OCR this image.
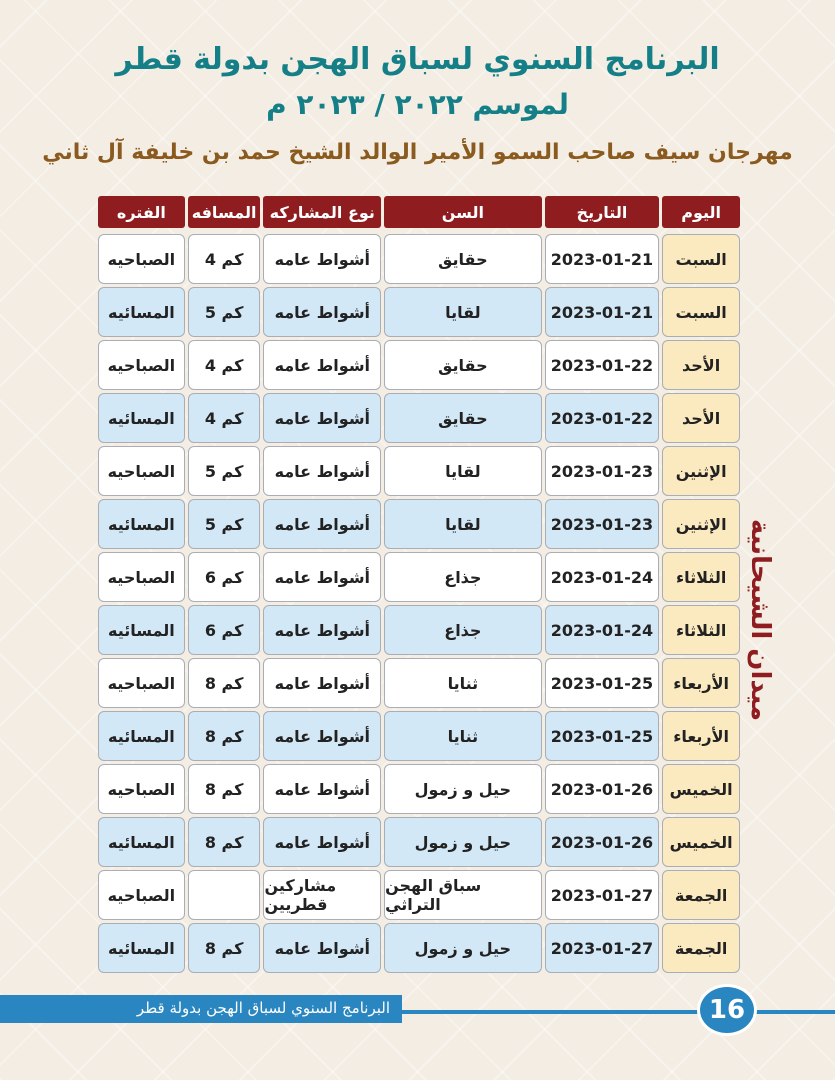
البرنامج السنوي لسباق الهجن بدولة قطر
لموسم ٢٠٢٢ / ٢٠٢٣ م
مهرجان سيف صاحب السمو الأمير الوالد الشيخ حمد بن خليفة آل ثاني
اليوم
التاريخ
السن
نوع المشاركه
المسافه
الفتره
السبت
2023-01-21
حقايق
أشواط عامه
4 كم
الصباحيه
السبت
2023-01-21
لقايا
أشواط عامه
5 كم
المسائيه
الأحد
2023-01-22
حقايق
أشواط عامه
4 كم
الصباحيه
الأحد
2023-01-22
حقايق
أشواط عامه
4 كم
المسائيه
الإثنين
2023-01-23
لقايا
أشواط عامه
5 كم
الصباحيه
الإثنين
2023-01-23
لقايا
أشواط عامه
5 كم
المسائيه
الثلاثاء
2023-01-24
جذاع
أشواط عامه
6 كم
الصباحيه
الثلاثاء
2023-01-24
جذاع
أشواط عامه
6 كم
المسائيه
الأربعاء
2023-01-25
ثنايا
أشواط عامه
8 كم
الصباحيه
الأربعاء
2023-01-25
ثنايا
أشواط عامه
8 كم
المسائيه
الخميس
2023-01-26
حيل و زمول
أشواط عامه
8 كم
الصباحيه
الخميس
2023-01-26
حيل و زمول
أشواط عامه
8 كم
المسائيه
الجمعة
2023-01-27
سباق الهجن التراثي
مشاركين قطريين
الصباحيه
الجمعة
2023-01-27
حيل و زمول
أشواط عامه
8 كم
المسائيه
ميدان الشيحانية
البرنامج السنوي لسباق الهجن بدولة قطر	16
